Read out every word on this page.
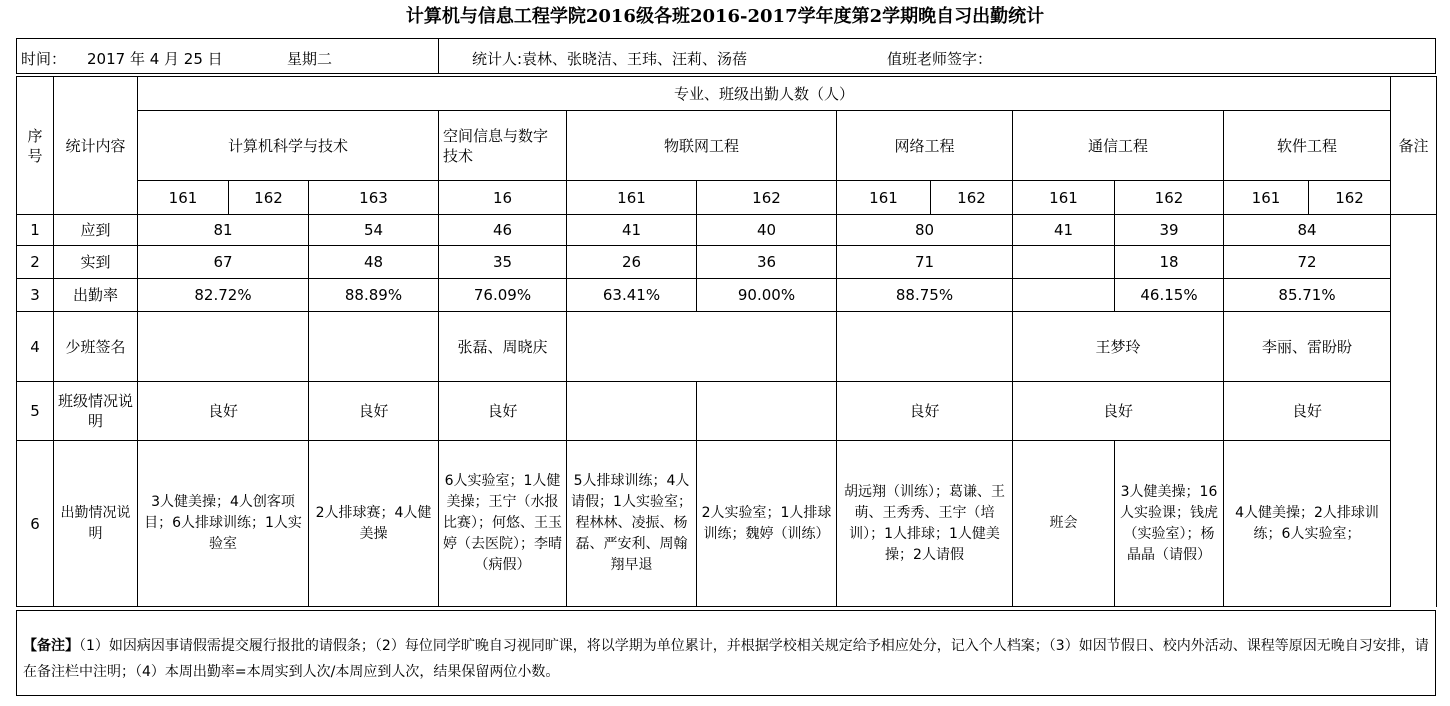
计算机与信息工程学院2016级各班2016-2017学年度第2学期晚自习出勤统计
时间： 2017 年 4 月 25 日	星期二	统计人:袁林、张晓洁、王玮、汪莉、汤蓓	值班老师签字：
序号	统计内容	专业、班级出勤人数（人）												备注
		计算机科学与技术			空间信息与数字技术	物联网工程		网络工程		通信工程		软件工程		
		161	162	163	16	161	162	161	162	161	162	161	162	
1	应到	81		54	46	41	40	80		41	39	84		
2	实到	67		48	35	26	36	71			18	72		
3	出勤率	82.72%		88.89%	76.09%	63.41%	90.00%	88.75%			46.15%	85.71%		
4	少班签名				张磊、周晓庆					王梦玲		李丽、雷盼盼		
5	班级情况说明	良好		良好	良好			良好		良好		良好		
6	出勤情况说明	3人健美操；4人创客项目；6人排球训练；1人实验室		2人排球赛；4人健美操	6人实验室；1人健美操；王宁（水报比赛）；何悠、王玉婷（去医院）；李晴（病假）	5人排球训练；4人请假；1人实验室；程林林、凌振、杨磊、严安利、周翰翔早退	2人实验室；1人排球训练；魏婷（训练）	胡远翔（训练）；葛谦、王萌、王秀秀、王宇（培训）；1人排球；1人健美操；2人请假		班会	3人健美操；16人实验课；钱虎（实验室）；杨晶晶（请假）	4人健美操；2人排球训练；6人实验室；		
【备注】（1）如因病因事请假需提交履行报批的请假条；（2）每位同学旷晚自习视同旷课，将以学期为单位累计，并根据学校相关规定给予相应处分，记入个人档案；（3）如因节假日、校内外活动、课程等原因无晚自习安排，请在备注栏中注明；（4）本周出勤率=本周实到人次/本周应到人次，结果保留两位小数。
